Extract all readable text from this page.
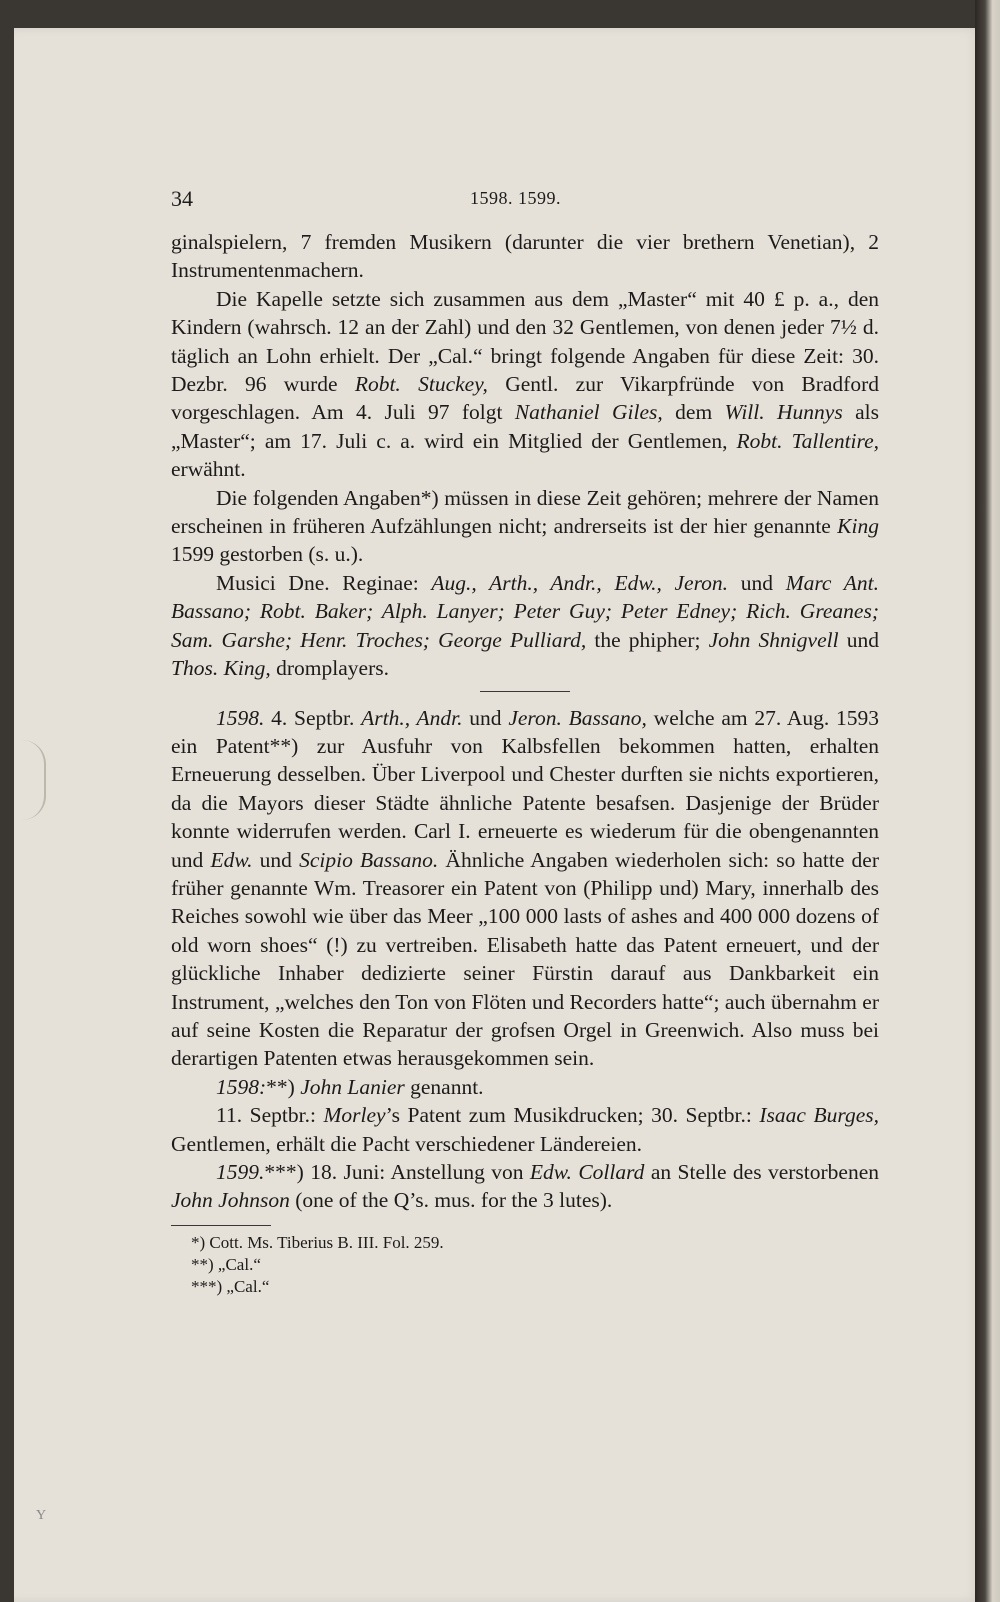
34	1598. 1599.

ginalspielern, 7 fremden Musikern (darunter die vier brethern Venetian), 2 Instrumentenmachern.

Die Kapelle setzte sich zusammen aus dem „Master“ mit 40 £ p. a., den Kindern (wahrsch. 12 an der Zahl) und den 32 Gentlemen, von denen jeder 7½ d. täglich an Lohn erhielt. Der „Cal.“ bringt folgende Angaben für diese Zeit: 30. Dezbr. 96 wurde Robt. Stuckey, Gentl. zur Vikarpfründe von Bradford vorgeschlagen. Am 4. Juli 97 folgt Nathaniel Giles, dem Will. Hunnys als „Master“; am 17. Juli c. a. wird ein Mitglied der Gentlemen, Robt. Tallentire, erwähnt.

Die folgenden Angaben*) müssen in diese Zeit gehören; mehrere der Namen erscheinen in früheren Aufzählungen nicht; andrerseits ist der hier genannte King 1599 gestorben (s. u.).

Musici Dne. Reginae: Aug., Arth., Andr., Edw., Jeron. und Marc Ant. Bassano; Robt. Baker; Alph. Lanyer; Peter Guy; Peter Edney; Rich. Greanes; Sam. Garshe; Henr. Troches; George Pulliard, the phipher; John Shnigvell und Thos. King, dromplayers.

1598. 4. Septbr. Arth., Andr. und Jeron. Bassano, welche am 27. Aug. 1593 ein Patent**) zur Ausfuhr von Kalbsfellen bekommen hatten, erhalten Erneuerung desselben. Über Liverpool und Chester durften sie nichts exportieren, da die Mayors dieser Städte ähnliche Patente besafsen. Dasjenige der Brüder konnte widerrufen werden. Carl I. erneuerte es wiederum für die obengenannten und Edw. und Scipio Bassano. Ähnliche Angaben wiederholen sich: so hatte der früher genannte Wm. Treasorer ein Patent von (Philipp und) Mary, innerhalb des Reiches sowohl wie über das Meer „100 000 lasts of ashes and 400 000 dozens of old worn shoes“ (!) zu vertreiben. Elisabeth hatte das Patent erneuert, und der glückliche Inhaber dedizierte seiner Fürstin darauf aus Dankbarkeit ein Instrument, „welches den Ton von Flöten und Recorders hatte“; auch übernahm er auf seine Kosten die Reparatur der grofsen Orgel in Greenwich. Also muss bei derartigen Patenten etwas herausgekommen sein.

1598:**) John Lanier genannt.

11. Septbr.: Morley’s Patent zum Musikdrucken; 30. Septbr.: Isaac Burges, Gentlemen, erhält die Pacht verschiedener Ländereien.

1599.***) 18. Juni: Anstellung von Edw. Collard an Stelle des verstorbenen John Johnson (one of the Q’s. mus. for the 3 lutes).

*) Cott. Ms. Tiberius B. III. Fol. 259.
**) „Cal.“
***) „Cal.“
Y
